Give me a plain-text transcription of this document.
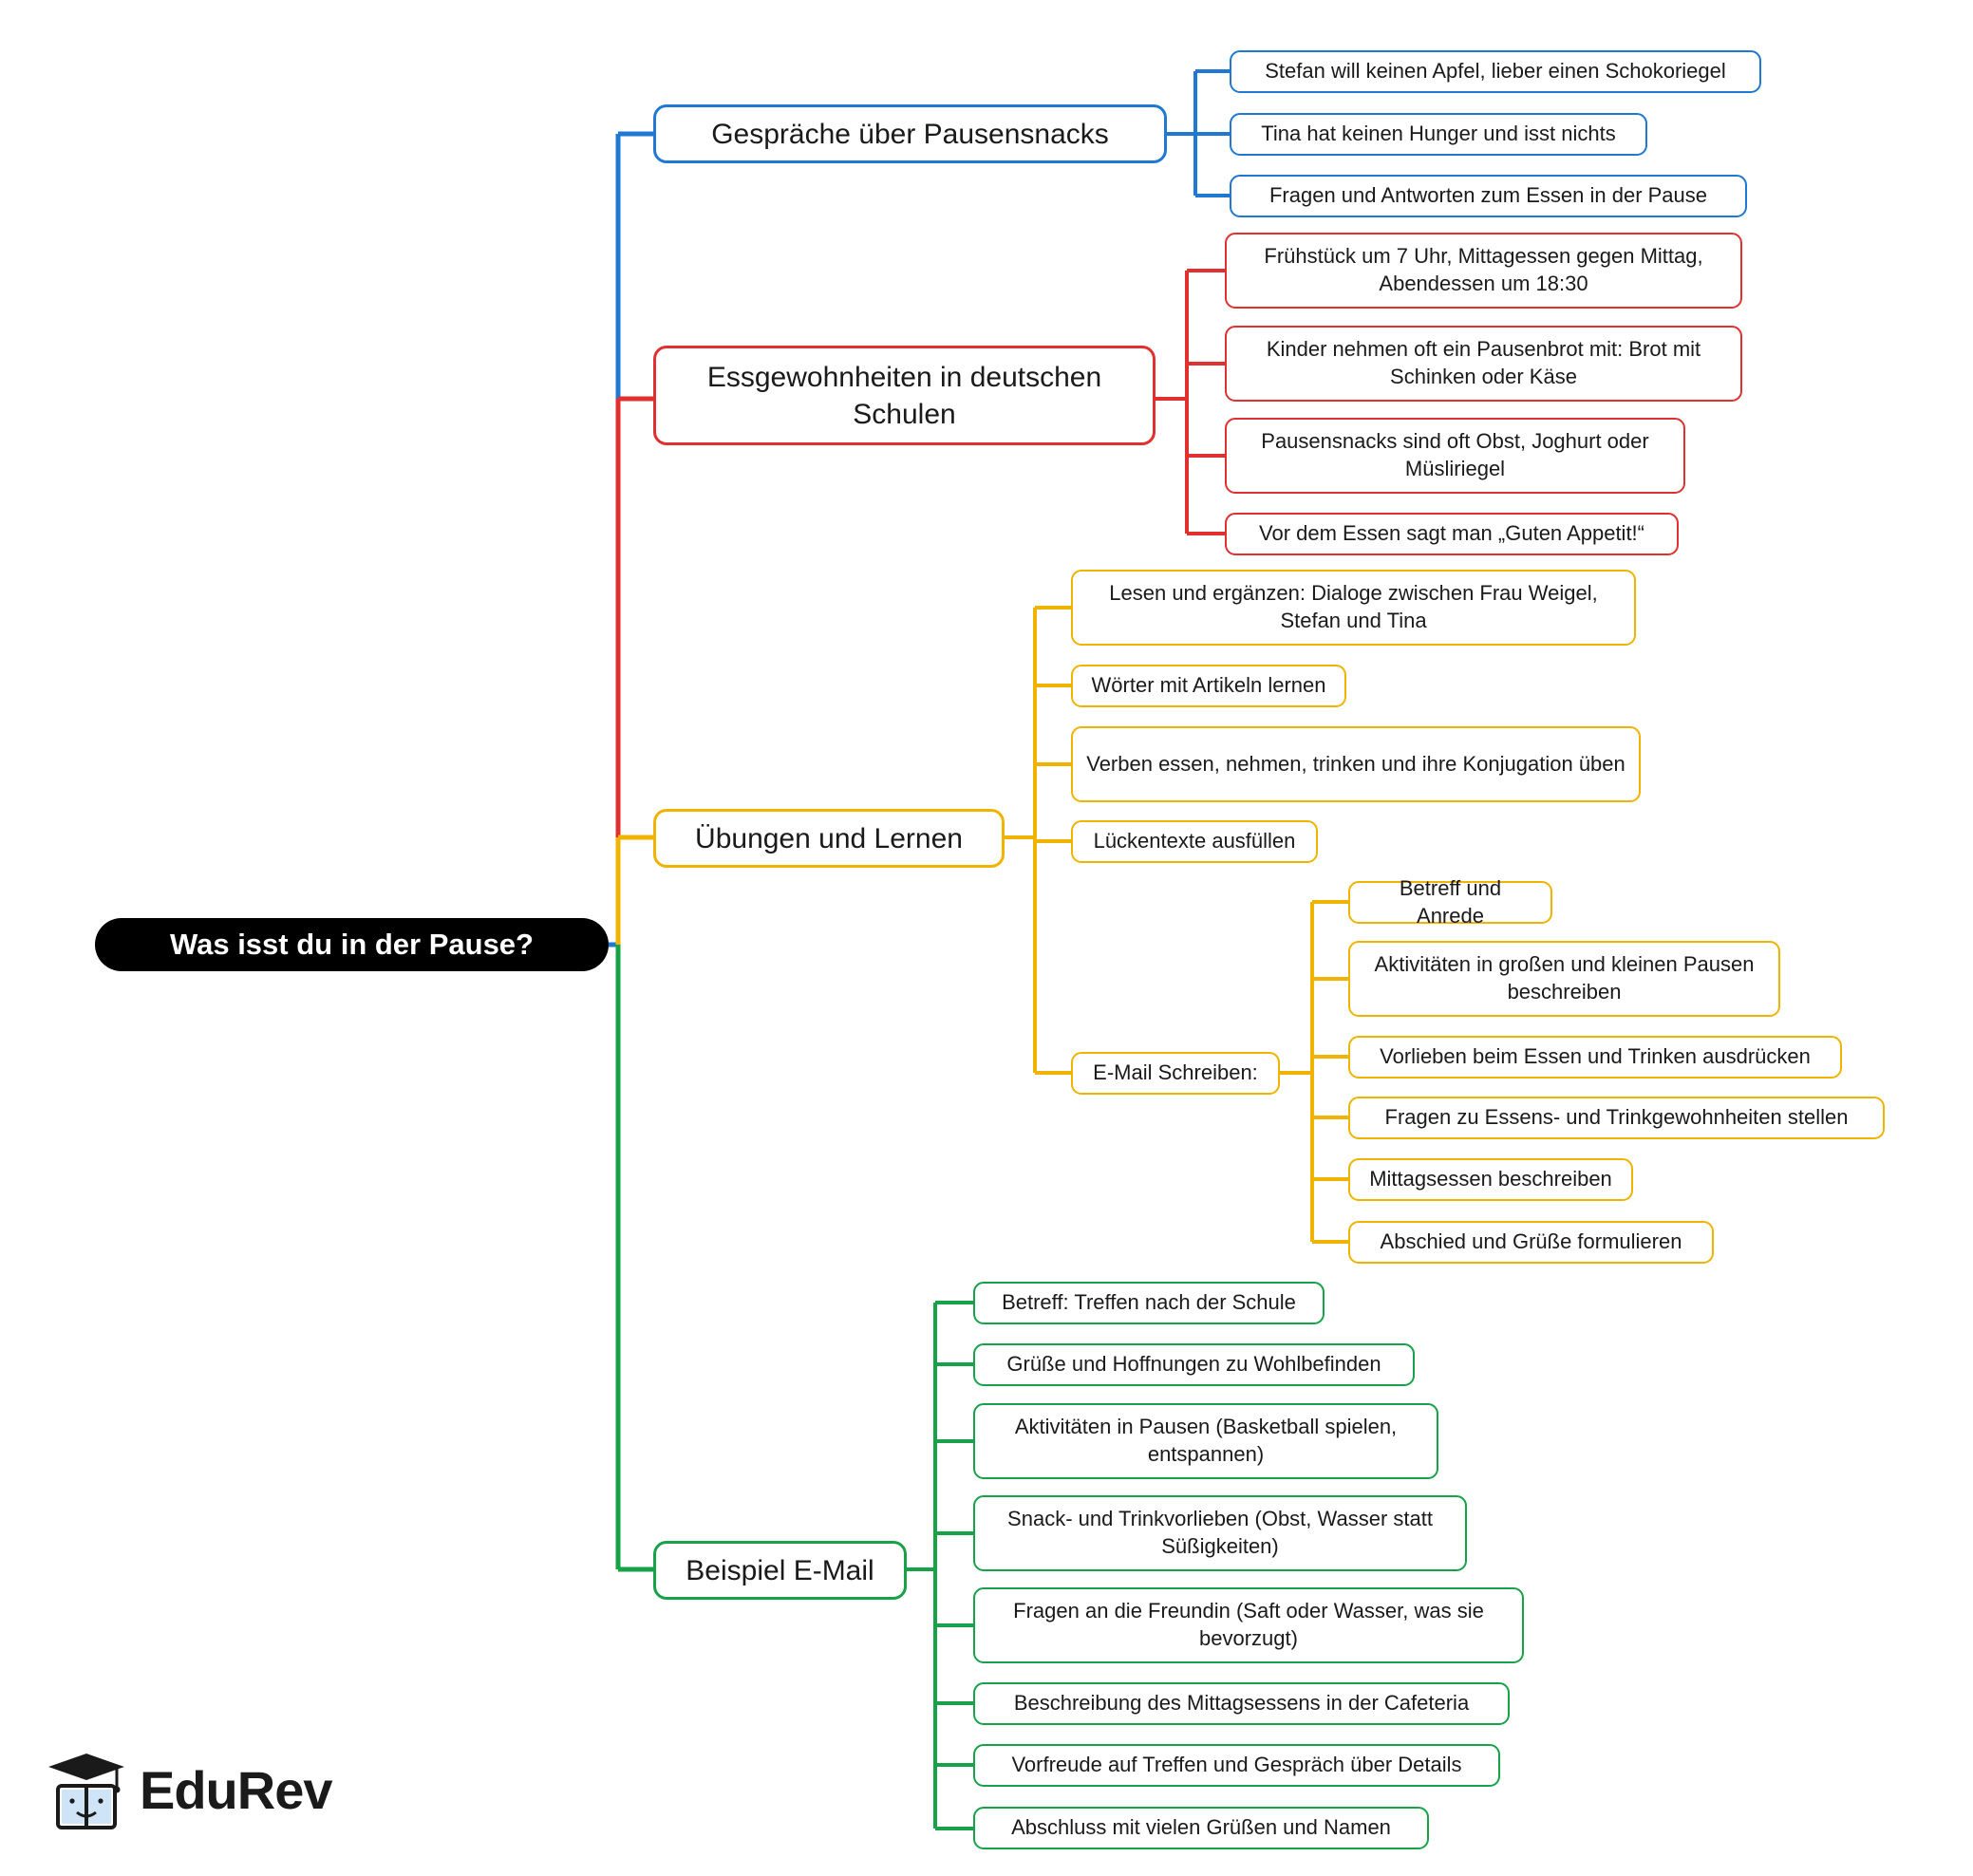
Was isst du in der Pause?
Gespräche über Pausensnacks
Stefan will keinen Apfel, lieber einen Schokoriegel
Tina hat keinen Hunger und isst nichts
Fragen und Antworten zum Essen in der Pause
Essgewohnheiten in deutschen Schulen
Frühstück um 7 Uhr, Mittagessen gegen Mittag, Abendessen um 18:30
Kinder nehmen oft ein Pausenbrot mit: Brot mit Schinken oder Käse
Pausensnacks sind oft Obst, Joghurt oder Müsliriegel
Vor dem Essen sagt man „Guten Appetit!“
Übungen und Lernen
Lesen und ergänzen: Dialoge zwischen Frau Weigel, Stefan und Tina
Wörter mit Artikeln lernen
Verben essen, nehmen, trinken und ihre Konjugation üben
Lückentexte ausfüllen
E-Mail Schreiben:
Betreff und Anrede
Aktivitäten in großen und kleinen Pausen beschreiben
Vorlieben beim Essen und Trinken ausdrücken
Fragen zu Essens- und Trinkgewohnheiten stellen
Mittagsessen beschreiben
Abschied und Grüße formulieren
Beispiel E-Mail
Betreff: Treffen nach der Schule
Grüße und Hoffnungen zu Wohlbefinden
Aktivitäten in Pausen (Basketball spielen, entspannen)
Snack- und Trinkvorlieben (Obst, Wasser statt Süßigkeiten)
Fragen an die Freundin (Saft oder Wasser, was sie bevorzugt)
Beschreibung des Mittagsessens in der Cafeteria
Vorfreude auf Treffen und Gespräch über Details
Abschluss mit vielen Grüßen und Namen
EduRev
